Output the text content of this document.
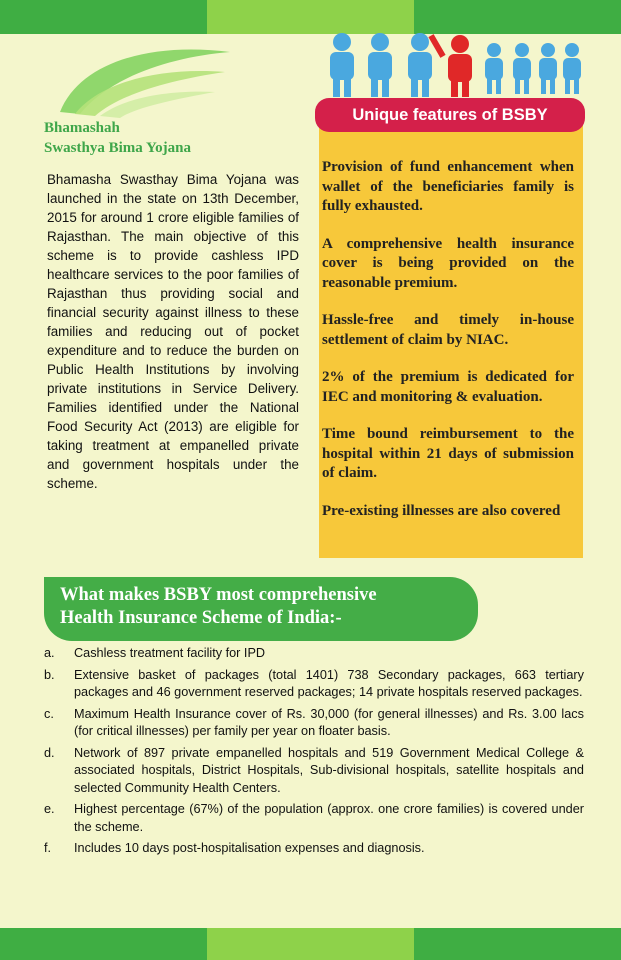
Bhamashah
Swasthya Bima Yojana

Bhamasha Swasthay Bima Yojana was launched in the state on 13th December, 2015 for around 1 crore eligible families of Rajasthan. The main objective of this scheme is to provide cashless IPD healthcare services to the poor families of Rajasthan thus providing social and financial security against illness to these families and reducing out of pocket expenditure and to reduce the burden on Public Health Institutions by involving private institutions in Service Delivery. Families identified under the National Food Security Act (2013) are eligible for taking treatment at empanelled private and government hospitals under the scheme.

Unique features of BSBY
Provision of fund enhancement when wallet of the beneficiaries family is fully exhausted.
A comprehensive health insurance cover is being provided on the reasonable premium.
Hassle-free and timely in-house settlement of claim by NIAC.
2% of the premium is dedicated for IEC and monitoring & evaluation.
Time bound reimbursement to the hospital within 21 days of submission of claim.
Pre-existing illnesses are also covered
What makes BSBY most comprehensive
Health Insurance Scheme of India:-
a.	Cashless treatment facility for IPD
b.	Extensive basket of packages (total 1401) 738 Secondary packages, 663 tertiary packages and 46 government reserved packages; 14 private hospitals reserved packages.
c.	Maximum Health Insurance cover of Rs. 30,000 (for general illnesses) and Rs. 3.00 lacs (for critical illnesses) per family per year on floater basis.
d.	Network of 897 private empanelled hospitals and 519 Government Medical College & associated hospitals, District Hospitals, Sub-divisional hospitals, satellite hospitals and selected Community Health Centers.
e.	Highest percentage (67%) of the population (approx. one crore families) is covered under the scheme.
f.	Includes 10 days post-hospitalisation expenses and diagnosis.
